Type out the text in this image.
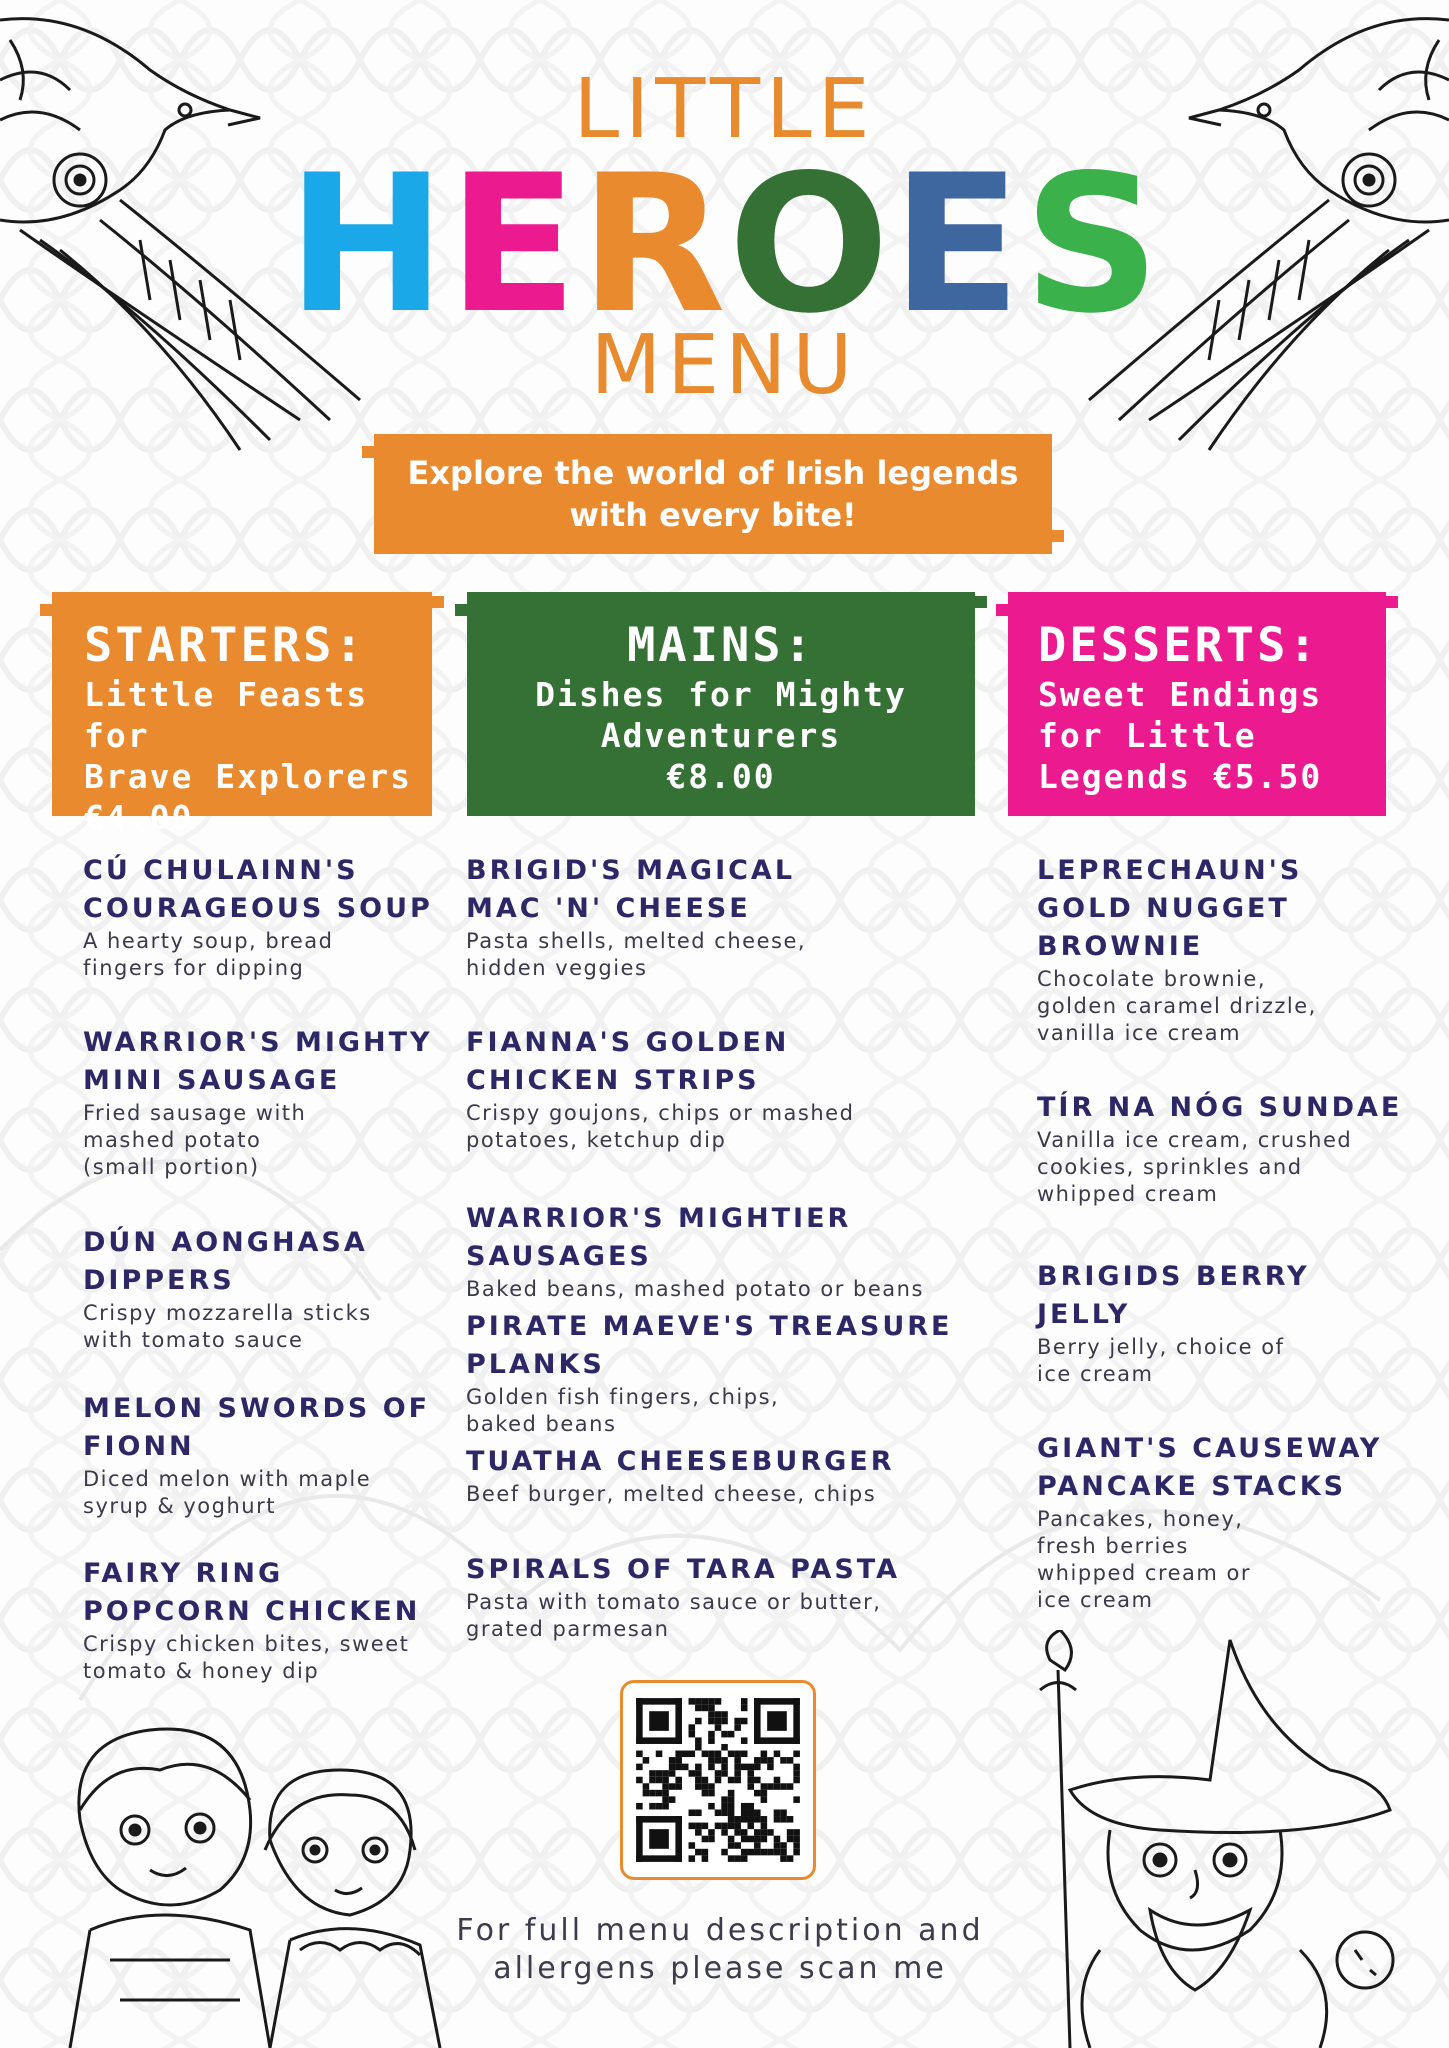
LITTLE
HEROES
MENU
Explore the world of Irish legends
with every bite!
STARTERS:
Little Feasts for
Brave Explorers
€4.00
MAINS:
Dishes for Mighty
Adventurers
€8.00
DESSERTS:
Sweet Endings
for Little
Legends €5.50
CÚ CHULAINN'S
COURAGEOUS SOUP
A hearty soup, bread
fingers for dipping
WARRIOR'S MIGHTY
MINI SAUSAGE
Fried sausage with
mashed potato
(small portion)
DÚN AONGHASA
DIPPERS
Crispy mozzarella sticks
with tomato sauce
MELON SWORDS OF
FIONN
Diced melon with maple
syrup & yoghurt
FAIRY RING
POPCORN CHICKEN
Crispy chicken bites, sweet
tomato & honey dip
BRIGID'S MAGICAL
MAC 'N' CHEESE
Pasta shells, melted cheese,
hidden veggies
FIANNA'S GOLDEN
CHICKEN STRIPS
Crispy goujons, chips or mashed
potatoes, ketchup dip
WARRIOR'S MIGHTIER SAUSAGES
Baked beans, mashed potato or beans
PIRATE MAEVE'S TREASURE PLANKS
Golden fish fingers, chips,
baked beans
TUATHA CHEESEBURGER
Beef burger, melted cheese, chips
SPIRALS OF TARA PASTA
Pasta with tomato sauce or butter,
grated parmesan
LEPRECHAUN'S
GOLD NUGGET
BROWNIE
Chocolate brownie,
golden caramel drizzle,
vanilla ice cream
TÍR NA NÓG SUNDAE
Vanilla ice cream, crushed
cookies, sprinkles and
whipped cream
BRIGIDS BERRY
JELLY
Berry jelly, choice of
ice cream
GIANT'S CAUSEWAY
PANCAKE STACKS
Pancakes, honey,
fresh berries
whipped cream or
ice cream
For full menu description and
allergens please scan me
